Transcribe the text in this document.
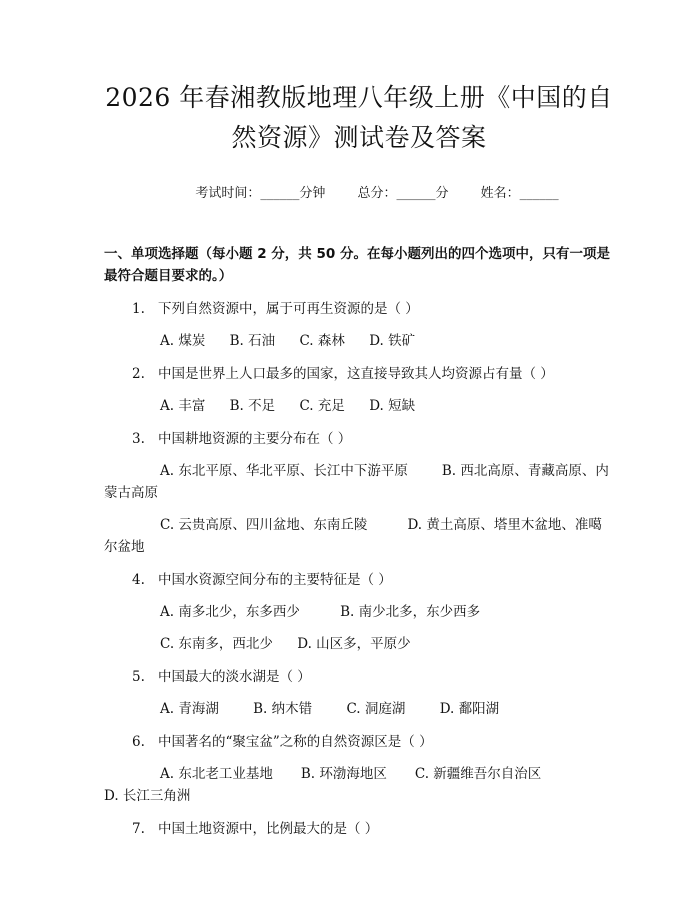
2026 年春湘教版地理八年级上册《中国的自然资源》测试卷及答案
考试时间：______分钟 总分：______分 姓名：______
一、单项选择题（每小题 2 分，共 50 分。在每小题列出的四个选项中，只有一项是最符合题目要求的。）
1. 下列自然资源中，属于可再生资源的是（ ）
A. 煤炭 B. 石油 C. 森林 D. 铁矿
2. 中国是世界上人口最多的国家，这直接导致其人均资源占有量（ ）
A. 丰富 B. 不足 C. 充足 D. 短缺
3. 中国耕地资源的主要分布在（ ）
A. 东北平原、华北平原、长江中下游平原	B. 西北高原、青藏高原、内蒙古高原
C. 云贵高原、四川盆地、东南丘陵	D. 黄土高原、塔里木盆地、准噶尔盆地
4. 中国水资源空间分布的主要特征是（ ）
A. 南多北少，东多西少	B. 南少北多，东少西多
C. 东南多，西北少 D. 山区多，平原少
5. 中国最大的淡水湖是（ ）
A. 青海湖	B. 纳木错	C. 洞庭湖	D. 鄱阳湖
6. 中国著名的“聚宝盆”之称的自然资源区是（ ）
A. 东北老工业基地 B. 环渤海地区 C. 新疆维吾尔自治区
D. 长江三角洲
7. 中国土地资源中，比例最大的是（ ）
